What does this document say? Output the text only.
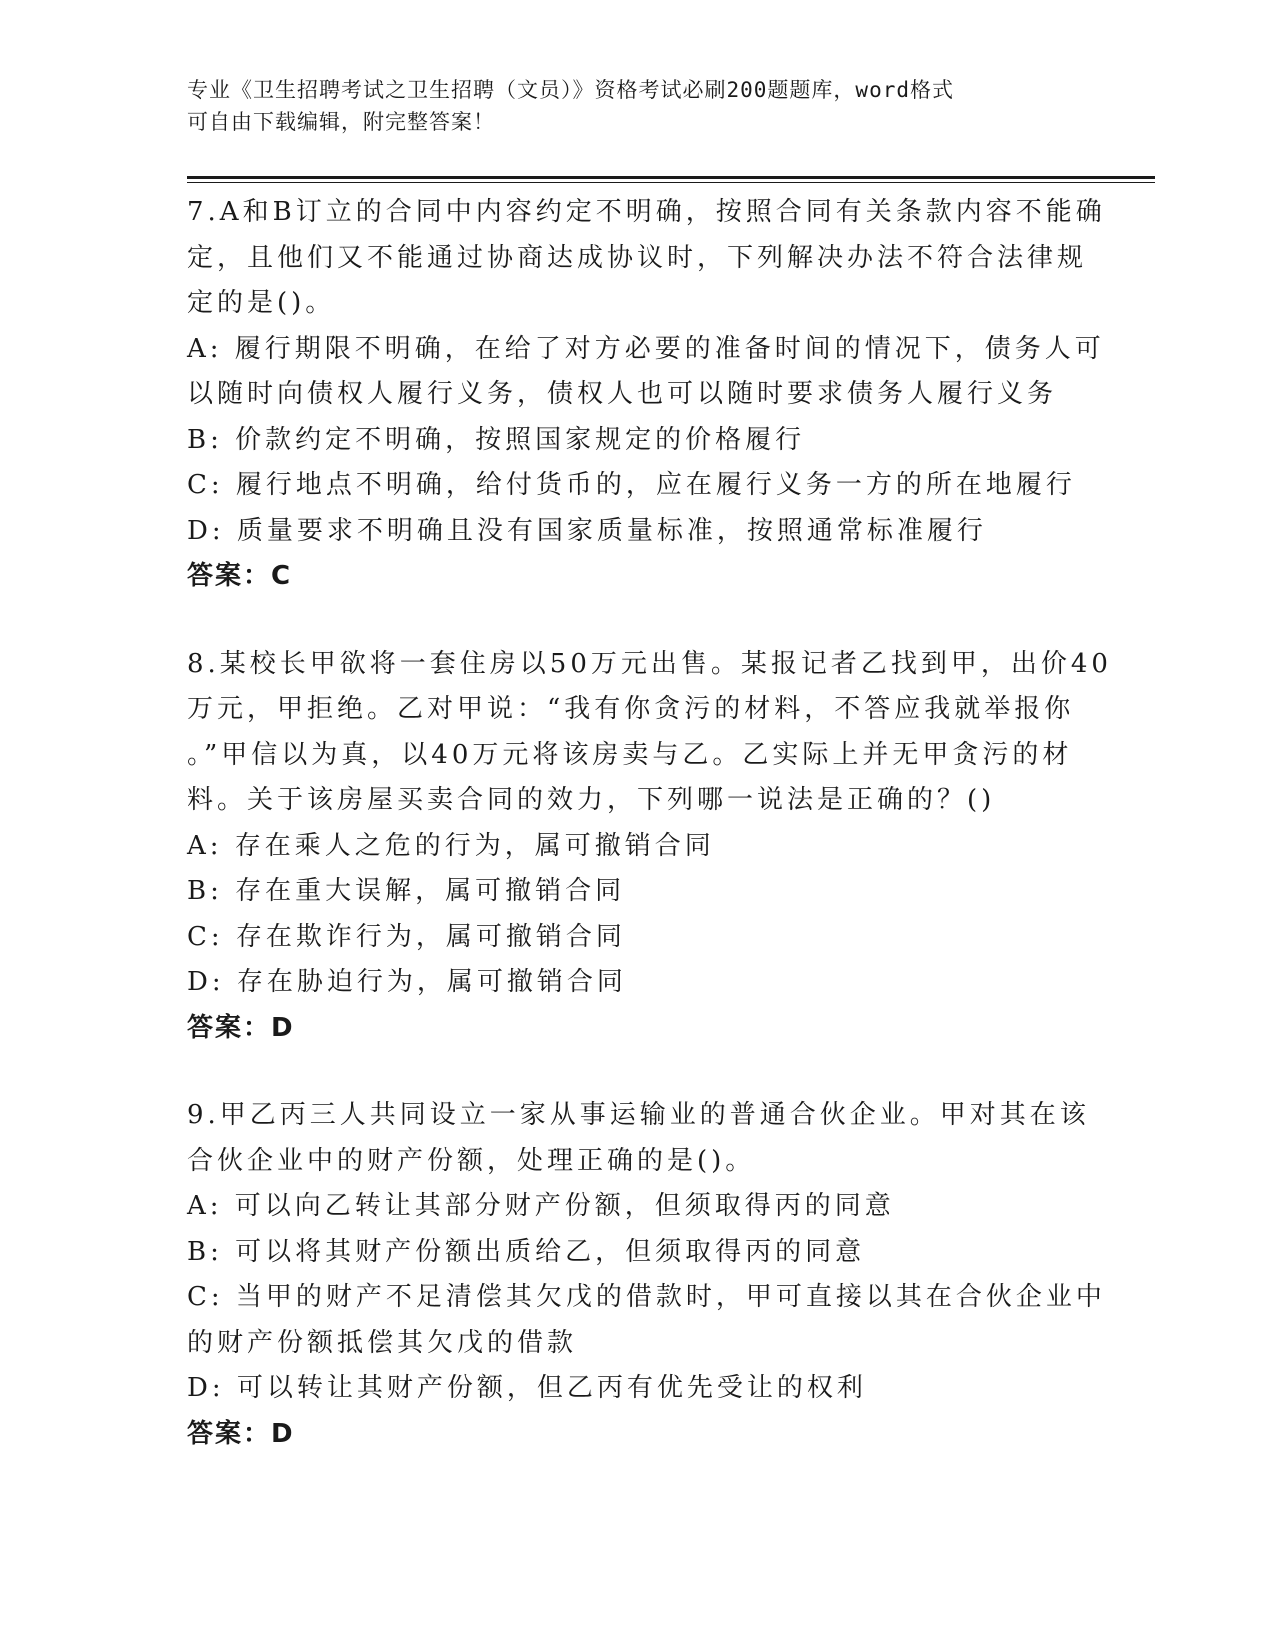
专业《卫生招聘考试之卫生招聘（文员）》资格考试必刷200题题库，word格式
可自由下载编辑，附完整答案！

7.A和B订立的合同中内容约定不明确，按照合同有关条款内容不能确

定，且他们又不能通过协商达成协议时，下列解决办法不符合法律规

定的是()。

A: 履行期限不明确，在给了对方必要的准备时间的情况下，债务人可

以随时向债权人履行义务，债权人也可以随时要求债务人履行义务

B: 价款约定不明确，按照国家规定的价格履行

C: 履行地点不明确，给付货币的，应在履行义务一方的所在地履行

D: 质量要求不明确且没有国家质量标准，按照通常标准履行

答案：C

8.某校长甲欲将一套住房以50万元出售。某报记者乙找到甲，出价40

万元，甲拒绝。乙对甲说：“我有你贪污的材料，不答应我就举报你

。”甲信以为真，以40万元将该房卖与乙。乙实际上并无甲贪污的材

料。关于该房屋买卖合同的效力，下列哪一说法是正确的？()

A: 存在乘人之危的行为，属可撤销合同

B: 存在重大误解，属可撤销合同

C: 存在欺诈行为，属可撤销合同

D: 存在胁迫行为，属可撤销合同

答案：D

9.甲乙丙三人共同设立一家从事运输业的普通合伙企业。甲对其在该

合伙企业中的财产份额，处理正确的是()。

A: 可以向乙转让其部分财产份额，但须取得丙的同意

B: 可以将其财产份额出质给乙，但须取得丙的同意

C: 当甲的财产不足清偿其欠戊的借款时，甲可直接以其在合伙企业中

的财产份额抵偿其欠戊的借款

D: 可以转让其财产份额，但乙丙有优先受让的权利

答案：D
